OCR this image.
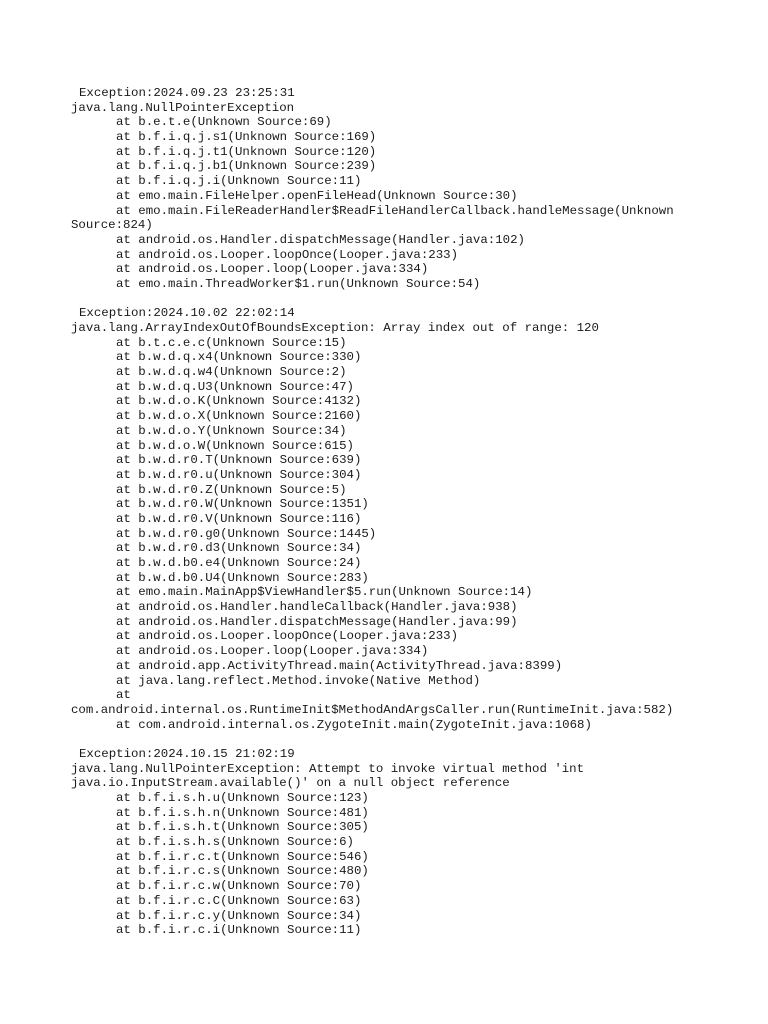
Exception:2024.09.23 23:25:31
java.lang.NullPointerException
at b.e.t.e(Unknown Source:69)
at b.f.i.q.j.s1(Unknown Source:169)
at b.f.i.q.j.t1(Unknown Source:120)
at b.f.i.q.j.b1(Unknown Source:239)
at b.f.i.q.j.i(Unknown Source:11)
at emo.main.FileHelper.openFileHead(Unknown Source:30)
at emo.main.FileReaderHandler$ReadFileHandlerCallback.handleMessage(Unknown
Source:824)
at android.os.Handler.dispatchMessage(Handler.java:102)
at android.os.Looper.loopOnce(Looper.java:233)
at android.os.Looper.loop(Looper.java:334)
at emo.main.ThreadWorker$1.run(Unknown Source:54)
Exception:2024.10.02 22:02:14
java.lang.ArrayIndexOutOfBoundsException: Array index out of range: 120
at b.t.c.e.c(Unknown Source:15)
at b.w.d.q.x4(Unknown Source:330)
at b.w.d.q.w4(Unknown Source:2)
at b.w.d.q.U3(Unknown Source:47)
at b.w.d.o.K(Unknown Source:4132)
at b.w.d.o.X(Unknown Source:2160)
at b.w.d.o.Y(Unknown Source:34)
at b.w.d.o.W(Unknown Source:615)
at b.w.d.r0.T(Unknown Source:639)
at b.w.d.r0.u(Unknown Source:304)
at b.w.d.r0.Z(Unknown Source:5)
at b.w.d.r0.W(Unknown Source:1351)
at b.w.d.r0.V(Unknown Source:116)
at b.w.d.r0.g0(Unknown Source:1445)
at b.w.d.r0.d3(Unknown Source:34)
at b.w.d.b0.e4(Unknown Source:24)
at b.w.d.b0.U4(Unknown Source:283)
at emo.main.MainApp$ViewHandler$5.run(Unknown Source:14)
at android.os.Handler.handleCallback(Handler.java:938)
at android.os.Handler.dispatchMessage(Handler.java:99)
at android.os.Looper.loopOnce(Looper.java:233)
at android.os.Looper.loop(Looper.java:334)
at android.app.ActivityThread.main(ActivityThread.java:8399)
at java.lang.reflect.Method.invoke(Native Method)
at
com.android.internal.os.RuntimeInit$MethodAndArgsCaller.run(RuntimeInit.java:582)
at com.android.internal.os.ZygoteInit.main(ZygoteInit.java:1068)
Exception:2024.10.15 21:02:19
java.lang.NullPointerException: Attempt to invoke virtual method 'int
java.io.InputStream.available()' on a null object reference
at b.f.i.s.h.u(Unknown Source:123)
at b.f.i.s.h.n(Unknown Source:481)
at b.f.i.s.h.t(Unknown Source:305)
at b.f.i.s.h.s(Unknown Source:6)
at b.f.i.r.c.t(Unknown Source:546)
at b.f.i.r.c.s(Unknown Source:480)
at b.f.i.r.c.w(Unknown Source:70)
at b.f.i.r.c.C(Unknown Source:63)
at b.f.i.r.c.y(Unknown Source:34)
at b.f.i.r.c.i(Unknown Source:11)
